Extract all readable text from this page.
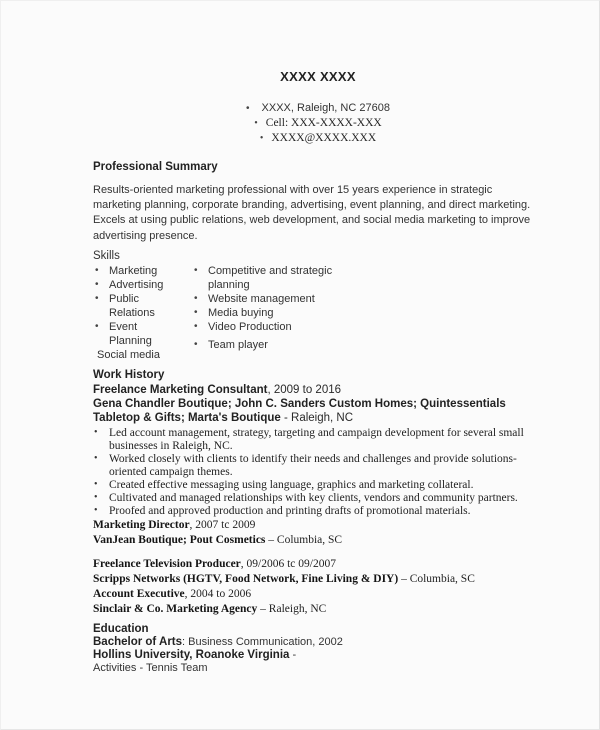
XXXX XXXX
•XXXX, Raleigh, NC 27608
•Cell: XXX-XXXX-XXX
•XXXX@XXXX.XXX
Professional Summary
Results-oriented marketing professional with over 15 years experience in strategic marketing planning, corporate branding, advertising, event planning, and direct marketing. Excels at using public relations, web development, and social media marketing to improve advertising presence.
Skills
• Marketing
• Advertising
• Public Relations
• Event Planning
Social media
• Competitive and strategic planning
• Website management
• Media buying
• Video Production
• Team player
Work History
Freelance Marketing Consultant, 2009 to 2016
Gena Chandler Boutique; John C. Sanders Custom Homes; Quintessentials Tabletop & Gifts; Marta's Boutique - Raleigh, NC
• Led account management, strategy, targeting and campaign development for several small businesses in Raleigh, NC.
• Worked closely with clients to identify their needs and challenges and provide solutions-oriented campaign themes.
• Created effective messaging using language, graphics and marketing collateral.
• Cultivated and managed relationships with key clients, vendors and community partners.
• Proofed and approved production and printing drafts of promotional materials.
Marketing Director, 2007 tc 2009
VanJean Boutique; Pout Cosmetics – Columbia, SC
Freelance Television Producer, 09/2006 tc 09/2007
Scripps Networks (HGTV, Food Network, Fine Living & DIY) – Columbia, SC
Account Executive, 2004 to 2006
Sinclair & Co. Marketing Agency – Raleigh, NC
Education
Bachelor of Arts: Business Communication, 2002
Hollins University, Roanoke Virginia -
Activities - Tennis Team
